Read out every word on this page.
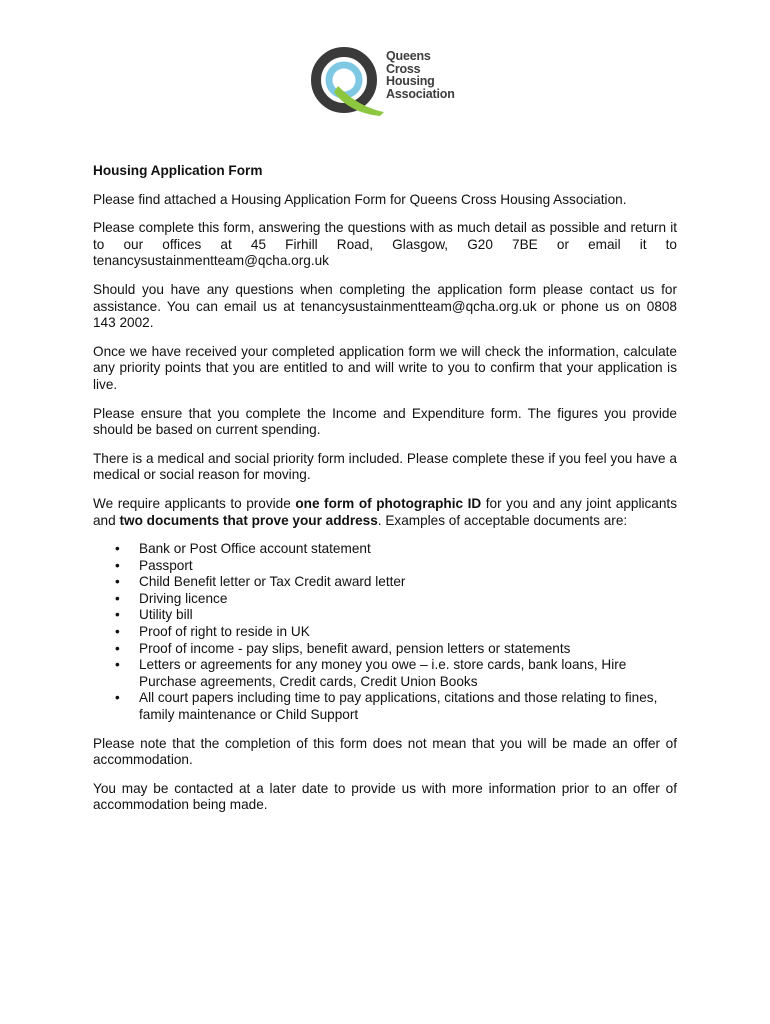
Queens
Cross
Housing
Association
Housing Application Form

Please find attached a Housing Application Form for Queens Cross Housing Association.

Please complete this form, answering the questions with as much detail as possible and return it to our offices at 45 Firhill Road, Glasgow, G20 7BE or email it to tenancysustainmentteam@qcha.org.uk

Should you have any questions when completing the application form please contact us for assistance. You can email us at tenancysustainmentteam@qcha.org.uk or phone us on 0808 143 2002.

Once we have received your completed application form we will check the information, calculate any priority points that you are entitled to and will write to you to confirm that your application is live.

Please ensure that you complete the Income and Expenditure form. The figures you provide should be based on current spending.

There is a medical and social priority form included. Please complete these if you feel you have a medical or social reason for moving.

We require applicants to provide one form of photographic ID for you and any joint applicants and two documents that prove your address. Examples of acceptable documents are:

• Bank or Post Office account statement
• Passport
• Child Benefit letter or Tax Credit award letter
• Driving licence
• Utility bill
• Proof of right to reside in UK
• Proof of income - pay slips, benefit award, pension letters or statements
• Letters or agreements for any money you owe – i.e. store cards, bank loans, Hire Purchase agreements, Credit cards, Credit Union Books
• All court papers including time to pay applications, citations and those relating to fines, family maintenance or Child Support

Please note that the completion of this form does not mean that you will be made an offer of accommodation.

You may be contacted at a later date to provide us with more information prior to an offer of accommodation being made.
